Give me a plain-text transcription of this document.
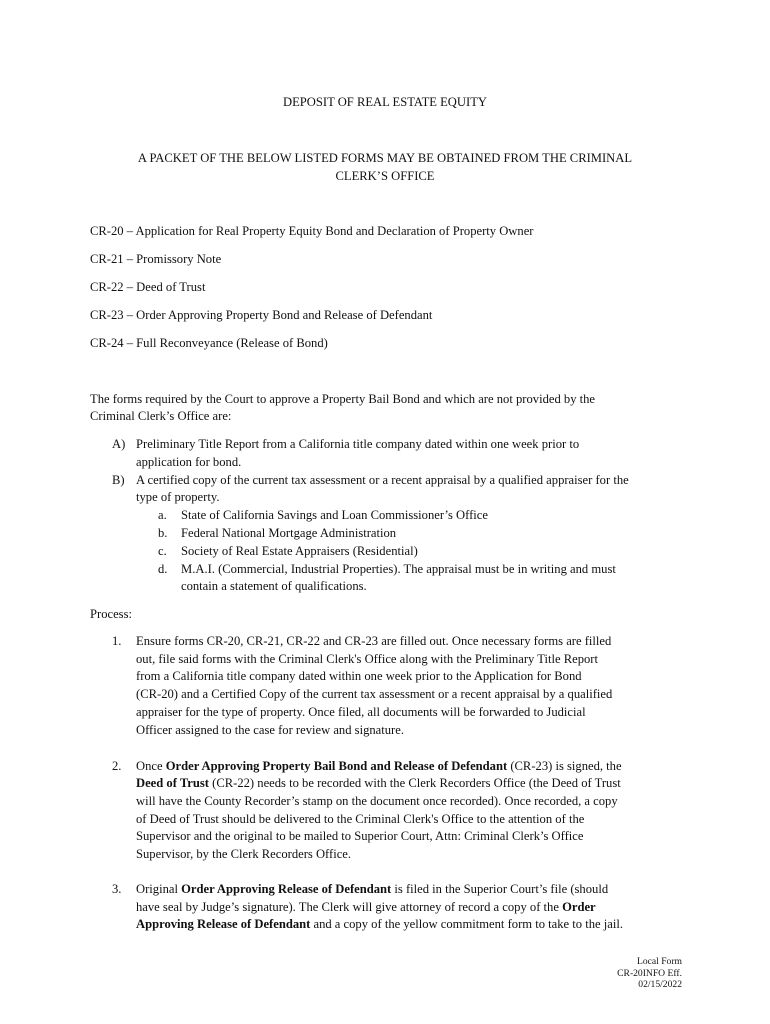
DEPOSIT OF REAL ESTATE EQUITY
A PACKET OF THE BELOW LISTED FORMS MAY BE OBTAINED FROM THE CRIMINAL
CLERK’S OFFICE
CR-20 – Application for Real Property Equity Bond and Declaration of Property Owner
CR-21 – Promissory Note
CR-22 – Deed of Trust
CR-23 – Order Approving Property Bond and Release of Defendant
CR-24 – Full Reconveyance (Release of Bond)
The forms required by the Court to approve a Property Bail Bond and which are not provided by the
Criminal Clerk’s Office are:
A) Preliminary Title Report from a California title company dated within one week prior to
application for bond.
B) A certified copy of the current tax assessment or a recent appraisal by a qualified appraiser for the
type of property.
a. State of California Savings and Loan Commissioner’s Office
b. Federal National Mortgage Administration
c. Society of Real Estate Appraisers (Residential)
d. M.A.I. (Commercial, Industrial Properties). The appraisal must be in writing and must
contain a statement of qualifications.
Process:
1. Ensure forms CR-20, CR-21, CR-22 and CR-23 are filled out. Once necessary forms are filled
out, file said forms with the Criminal Clerk's Office along with the Preliminary Title Report
from a California title company dated within one week prior to the Application for Bond
(CR-20) and a Certified Copy of the current tax assessment or a recent appraisal by a qualified
appraiser for the type of property. Once filed, all documents will be forwarded to Judicial
Officer assigned to the case for review and signature.
2. Once Order Approving Property Bail Bond and Release of Defendant (CR-23) is signed, the
Deed of Trust (CR-22) needs to be recorded with the Clerk Recorders Office (the Deed of Trust
will have the County Recorder’s stamp on the document once recorded). Once recorded, a copy
of Deed of Trust should be delivered to the Criminal Clerk's Office to the attention of the
Supervisor and the original to be mailed to Superior Court, Attn: Criminal Clerk’s Office
Supervisor, by the Clerk Recorders Office.
3. Original Order Approving Release of Defendant is filed in the Superior Court’s file (should
have seal by Judge’s signature). The Clerk will give attorney of record a copy of the Order
Approving Release of Defendant and a copy of the yellow commitment form to take to the jail.
Local Form
CR-20INFO Eff.
02/15/2022
